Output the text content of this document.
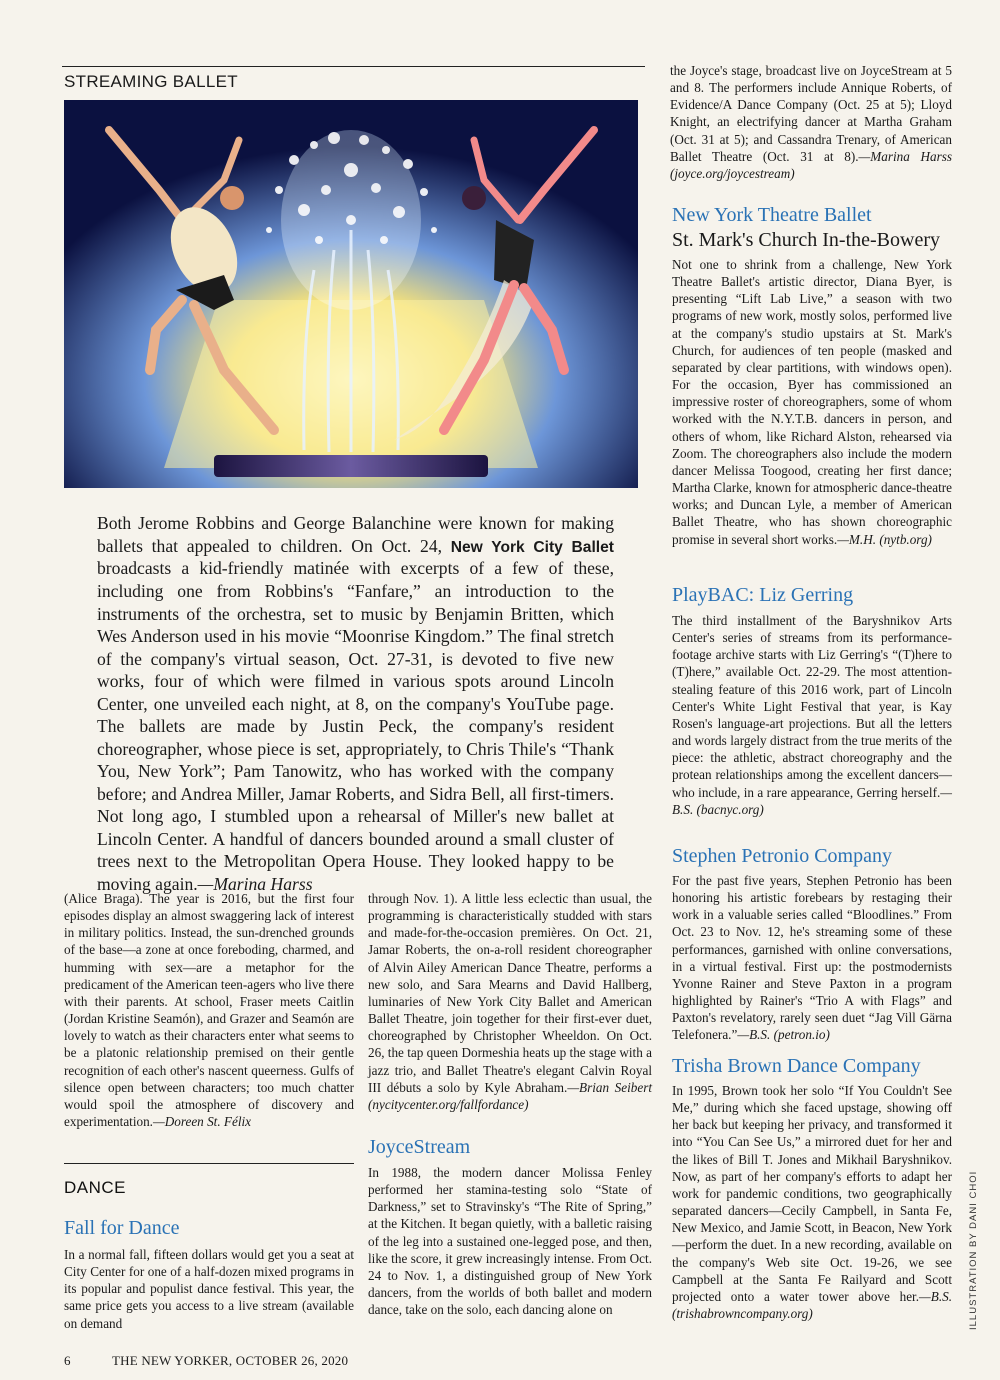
STREAMING BALLET
Both Jerome Robbins and George Balanchine were known for making ballets that appealed to children. On Oct. 24, New York City Ballet broadcasts a kid-friendly matinée with excerpts of a few of these, including one from Robbins's “Fanfare,” an introduction to the instruments of the orchestra, set to music by Benjamin Britten, which Wes Anderson used in his movie “Moonrise Kingdom.” The final stretch of the company's virtual season, Oct. 27-31, is devoted to five new works, four of which were filmed in various spots around Lincoln Center, one unveiled each night, at 8, on the company's YouTube page. The ballets are made by Justin Peck, the company's resident choreographer, whose piece is set, appropriately, to Chris Thile's “Thank You, New York”; Pam Tanowitz, who has worked with the company before; and Andrea Miller, Jamar Roberts, and Sidra Bell, all first-timers. Not long ago, I stumbled upon a rehearsal of Miller's new ballet at Lincoln Center. A handful of dancers bounded around a small cluster of trees next to the Metropolitan Opera House. They looked happy to be moving again.—Marina Harss
(Alice Braga). The year is 2016, but the first four episodes display an almost swaggering lack of interest in military politics. Instead, the sun-drenched grounds of the base—a zone at once foreboding, charmed, and humming with sex—are a metaphor for the predicament of the American teen-agers who live there with their parents. At school, Fraser meets Caitlin (Jordan Kristine Seamón), and Grazer and Seamón are lovely to watch as their characters enter what seems to be a platonic relationship premised on their gentle recognition of each other's nascent queerness. Gulfs of silence open between characters; too much chatter would spoil the atmosphere of discovery and experimentation.—Doreen St. Félix
DANCE
Fall for Dance
In a normal fall, fifteen dollars would get you a seat at City Center for one of a half-dozen mixed programs in its popular and populist dance festival. This year, the same price gets you access to a live stream (available on demand
through Nov. 1). A little less eclectic than usual, the programming is characteristically studded with stars and made-for-the-occasion premières. On Oct. 21, Jamar Roberts, the on-a-roll resident choreographer of Alvin Ailey American Dance Theatre, performs a new solo, and Sara Mearns and David Hallberg, luminaries of New York City Ballet and American Ballet Theatre, join together for their first-ever duet, choreographed by Christopher Wheeldon. On Oct. 26, the tap queen Dormeshia heats up the stage with a jazz trio, and Ballet Theatre's elegant Calvin Royal III débuts a solo by Kyle Abraham.—Brian Seibert (nycitycenter.org/fallfordance)
JoyceStream
In 1988, the modern dancer Molissa Fenley performed her stamina-testing solo “State of Darkness,” set to Stravinsky's “The Rite of Spring,” at the Kitchen. It began quietly, with a balletic raising of the leg into a sustained one-legged pose, and then, like the score, it grew increasingly intense. From Oct. 24 to Nov. 1, a distinguished group of New York dancers, from the worlds of both ballet and modern dance, take on the solo, each dancing alone on
the Joyce's stage, broadcast live on JoyceStream at 5 and 8. The performers include Annique Roberts, of Evidence/A Dance Company (Oct. 25 at 5); Lloyd Knight, an electrifying dancer at Martha Graham (Oct. 31 at 5); and Cassandra Trenary, of American Ballet Theatre (Oct. 31 at 8).—Marina Harss (joyce.org/joycestream)
New York Theatre Ballet
St. Mark's Church In-the-Bowery
Not one to shrink from a challenge, New York Theatre Ballet's artistic director, Diana Byer, is presenting “Lift Lab Live,” a season with two programs of new work, mostly solos, performed live at the company's studio upstairs at St. Mark's Church, for audiences of ten people (masked and separated by clear partitions, with windows open). For the occasion, Byer has commissioned an impressive roster of choreographers, some of whom worked with the N.Y.T.B. dancers in person, and others of whom, like Richard Alston, rehearsed via Zoom. The choreographers also include the modern dancer Melissa Toogood, creating her first dance; Martha Clarke, known for atmospheric dance-theatre works; and Duncan Lyle, a member of American Ballet Theatre, who has shown choreographic promise in several short works.—M.H. (nytb.org)
PlayBAC: Liz Gerring
The third installment of the Baryshnikov Arts Center's series of streams from its performance-footage archive starts with Liz Gerring's “(T)here to (T)here,” available Oct. 22-29. The most attention-stealing feature of this 2016 work, part of Lincoln Center's White Light Festival that year, is Kay Rosen's language-art projections. But all the letters and words largely distract from the true merits of the piece: the athletic, abstract choreography and the protean relationships among the excellent dancers—who include, in a rare appearance, Gerring herself.—B.S. (bacnyc.org)
Stephen Petronio Company
For the past five years, Stephen Petronio has been honoring his artistic forebears by restaging their work in a valuable series called “Bloodlines.” From Oct. 23 to Nov. 12, he's streaming some of these performances, garnished with online conversations, in a virtual festival. First up: the postmodernists Yvonne Rainer and Steve Paxton in a program highlighted by Rainer's “Trio A with Flags” and Paxton's revelatory, rarely seen duet “Jag Vill Gärna Telefonera.”—B.S. (petron.io)
Trisha Brown Dance Company
In 1995, Brown took her solo “If You Couldn't See Me,” during which she faced upstage, showing off her back but keeping her privacy, and transformed it into “You Can See Us,” a mirrored duet for her and the likes of Bill T. Jones and Mikhail Baryshnikov. Now, as part of her company's efforts to adapt her work for pandemic conditions, two geographically separated dancers—Cecily Campbell, in Santa Fe, New Mexico, and Jamie Scott, in Beacon, New York—perform the duet. In a new recording, available on the company's Web site Oct. 19-26, we see Campbell at the Santa Fe Railyard and Scott projected onto a water tower above her.—B.S. (trishabrowncompany.org)	ILLUSTRATION BY DANI CHOI
6	THE NEW YORKER, OCTOBER 26, 2020
